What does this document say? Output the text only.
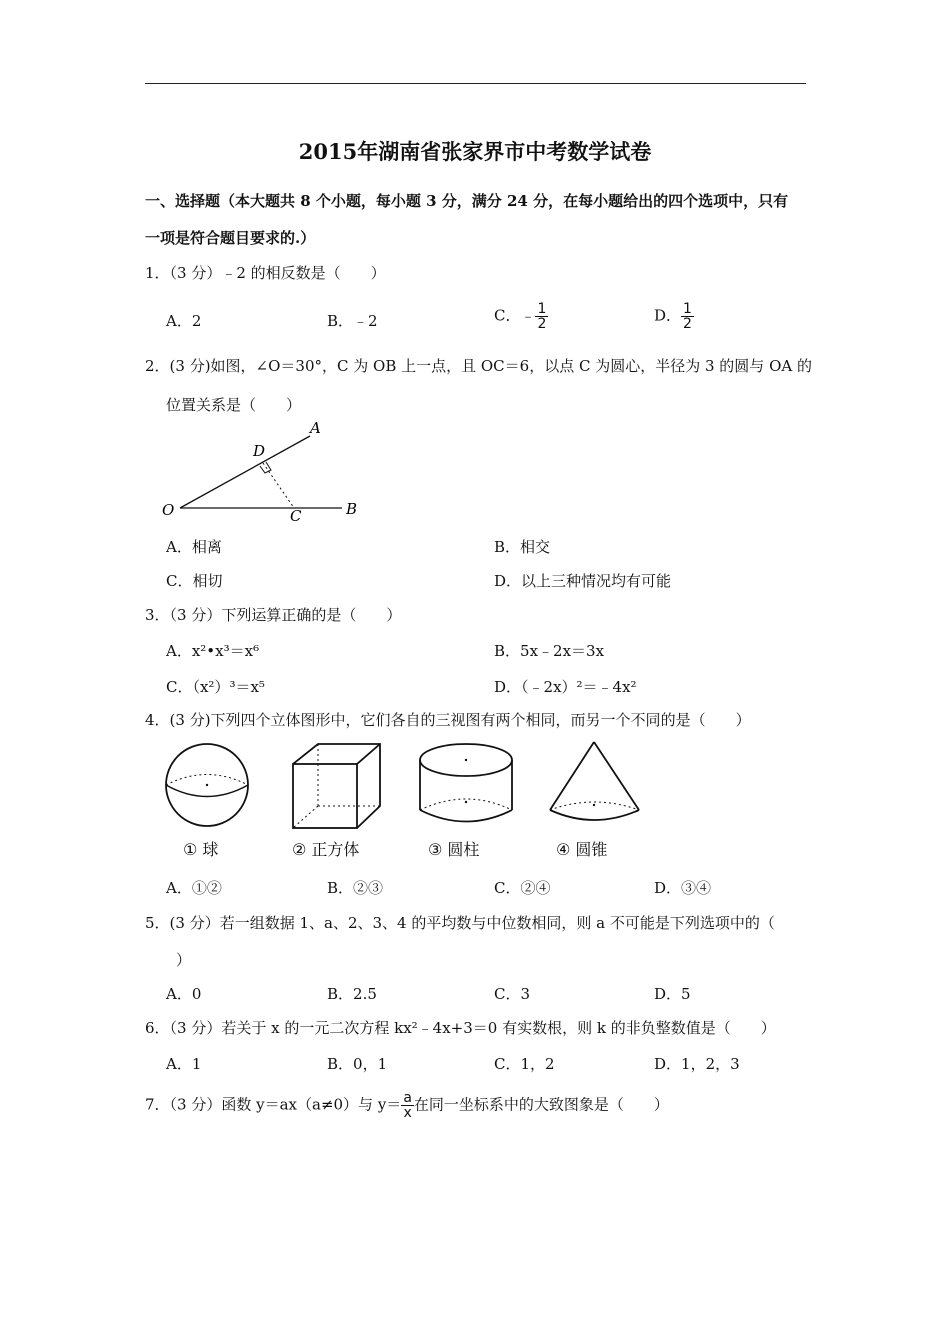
2015年湖南省张家界市中考数学试卷
一、选择题（本大题共 8 个小题，每小题 3 分，满分 24 分，在每小题给出的四个选项中，只有
一项是符合题目要求的.）
1．（3 分）﹣2 的相反数是（　　）
A．2	B．﹣2	C．﹣ $\frac{1}{2}$	D． $\frac{1}{2}$
2．(3 分)如图，∠O＝30°，C 为 OB 上一点，且 OC＝6，以点 C 为圆心，半径为 3 的圆与 OA 的
位置关系是（　　）
O
A
B
C
D
A．相离	B．相交
C．相切	D．以上三种情况均有可能
3．（3 分）下列运算正确的是（　　）
A．x²•x³＝x⁶	B．5x﹣2x＝3x
C．（x²）³＝x⁵	D．（﹣2x）²＝﹣4x²
4．(3 分)下列四个立体图形中，它们各自的三视图有两个相同，而另一个不同的是（　　）
① 球	② 正方体	③ 圆柱	④ 圆锥
A．①②	B．②③	C．②④	D．③④
5．(3 分）若一组数据 1、a、2、3、4 的平均数与中位数相同，则 a 不可能是下列选项中的（
）
A．0	B．2.5	C．3	D．5
6．（3 分）若关于 x 的一元二次方程 kx²﹣4x+3＝0 有实数根，则 k 的非负整数值是（　　）
A．1	B．0，1	C．1，2	D．1，2，3
7．（3 分）函数 y＝ax（a≠0）与 $y= \frac{a}{x}$ 在同一坐标系中的大致图象是（　　）
